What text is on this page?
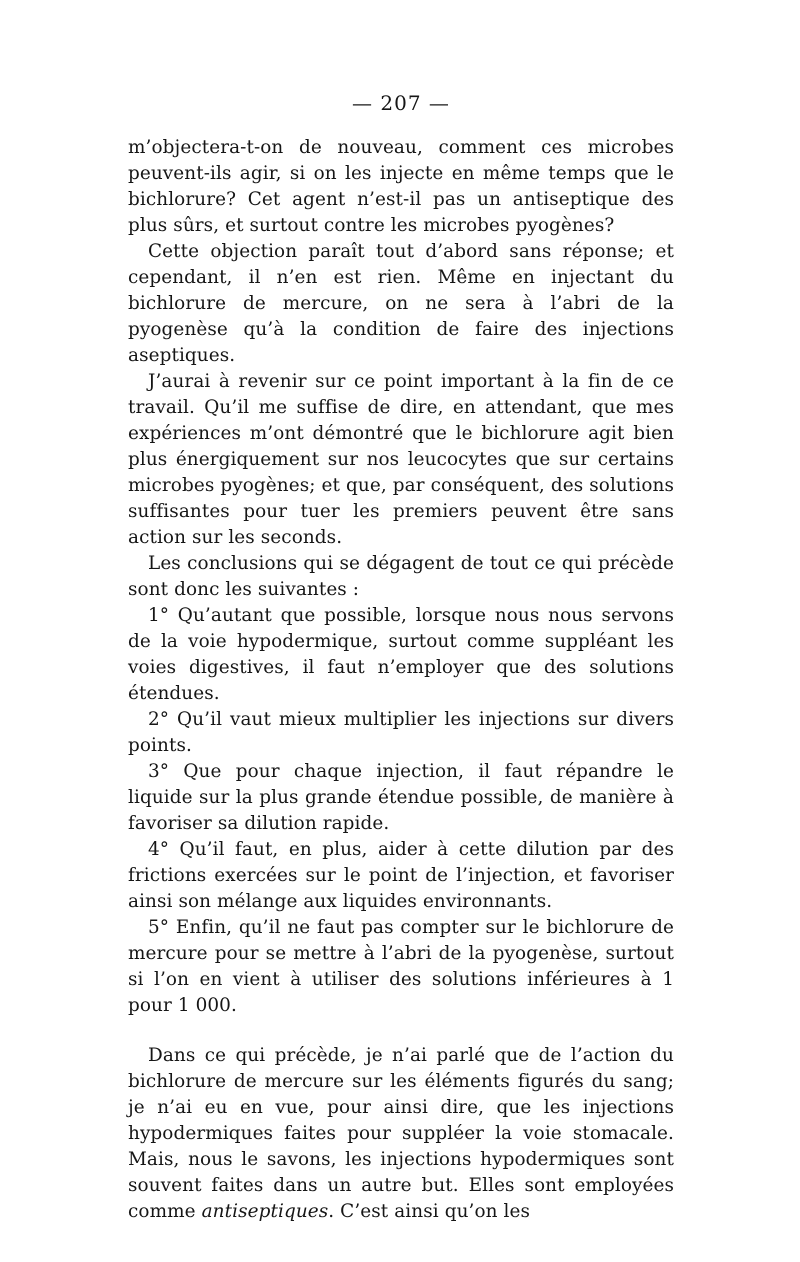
— 207 —

m’objectera-t-on de nouveau, comment ces microbes peuvent-ils agir, si on les injecte en même temps que le bichlorure? Cet agent n’est-il pas un antiseptique des plus sûrs, et surtout contre les microbes pyogènes?

Cette objection paraît tout d’abord sans réponse; et cependant, il n’en est rien. Même en injectant du bichlorure de mercure, on ne sera à l’abri de la pyogenèse qu’à la condition de faire des injections aseptiques.

J’aurai à revenir sur ce point important à la fin de ce travail. Qu’il me suffise de dire, en attendant, que mes expériences m’ont démontré que le bichlorure agit bien plus énergiquement sur nos leucocytes que sur certains microbes pyogènes; et que, par conséquent, des solutions suffisantes pour tuer les premiers peuvent être sans action sur les seconds.

Les conclusions qui se dégagent de tout ce qui précède sont donc les suivantes :

1° Qu’autant que possible, lorsque nous nous servons de la voie hypodermique, surtout comme suppléant les voies digestives, il faut n’employer que des solutions étendues.

2° Qu’il vaut mieux multiplier les injections sur divers points.

3° Que pour chaque injection, il faut répandre le liquide sur la plus grande étendue possible, de manière à favoriser sa dilution rapide.

4° Qu’il faut, en plus, aider à cette dilution par des frictions exercées sur le point de l’injection, et favoriser ainsi son mélange aux liquides environnants.

5° Enfin, qu’il ne faut pas compter sur le bichlorure de mercure pour se mettre à l’abri de la pyogenèse, surtout si l’on en vient à utiliser des solutions inférieures à 1 pour 1 000.

Dans ce qui précède, je n’ai parlé que de l’action du bichlorure de mercure sur les éléments figurés du sang; je n’ai eu en vue, pour ainsi dire, que les injections hypodermiques faites pour suppléer la voie stomacale. Mais, nous le savons, les injections hypodermiques sont souvent faites dans un autre but. Elles sont employées comme antiseptiques. C’est ainsi qu’on les
